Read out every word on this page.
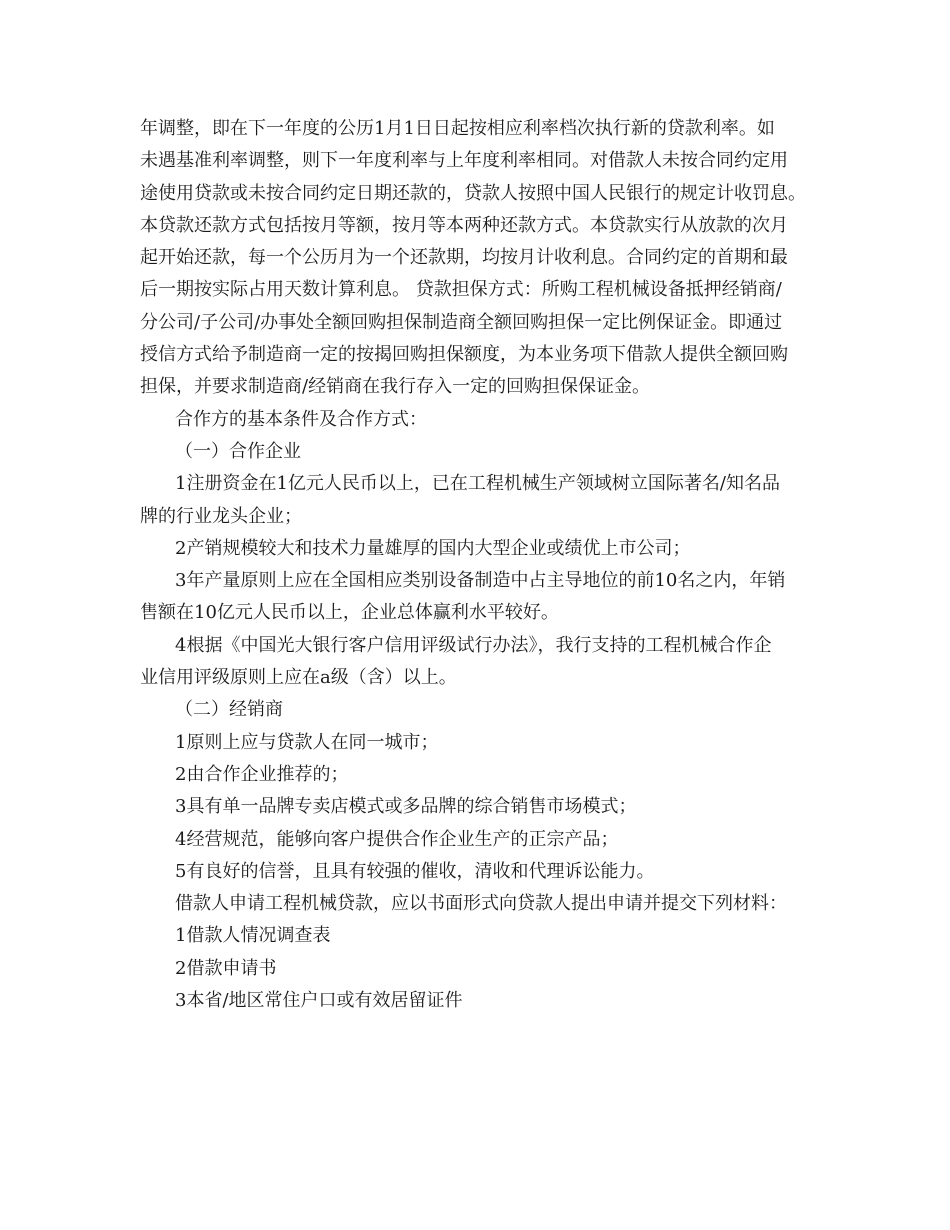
年调整，即在下一年度的公历1月1日日起按相应利率档次执行新的贷款利率。如
未遇基准利率调整，则下一年度利率与上年度利率相同。对借款人未按合同约定用
途使用贷款或未按合同约定日期还款的，贷款人按照中国人民银行的规定计收罚息。
本贷款还款方式包括按月等额，按月等本两种还款方式。本贷款实行从放款的次月
起开始还款，每一个公历月为一个还款期，均按月计收利息。合同约定的首期和最
后一期按实际占用天数计算利息。 贷款担保方式：所购工程机械设备抵押经销商/
分公司/子公司/办事处全额回购担保制造商全额回购担保一定比例保证金。即通过
授信方式给予制造商一定的按揭回购担保额度，为本业务项下借款人提供全额回购
担保，并要求制造商/经销商在我行存入一定的回购担保保证金。
合作方的基本条件及合作方式：
（一）合作企业
1注册资金在1亿元人民币以上，已在工程机械生产领域树立国际著名/知名品
牌的行业龙头企业；
2产销规模较大和技术力量雄厚的国内大型企业或绩优上市公司；
3年产量原则上应在全国相应类别设备制造中占主导地位的前10名之内，年销
售额在10亿元人民币以上，企业总体赢利水平较好。
4根据《中国光大银行客户信用评级试行办法》，我行支持的工程机械合作企
业信用评级原则上应在a级（含）以上。
（二）经销商
1原则上应与贷款人在同一城市；
2由合作企业推荐的；
3具有单一品牌专卖店模式或多品牌的综合销售市场模式；
4经营规范，能够向客户提供合作企业生产的正宗产品；
5有良好的信誉，且具有较强的催收，清收和代理诉讼能力。
借款人申请工程机械贷款，应以书面形式向贷款人提出申请并提交下列材料：
1借款人情况调查表
2借款申请书
3本省/地区常住户口或有效居留证件
